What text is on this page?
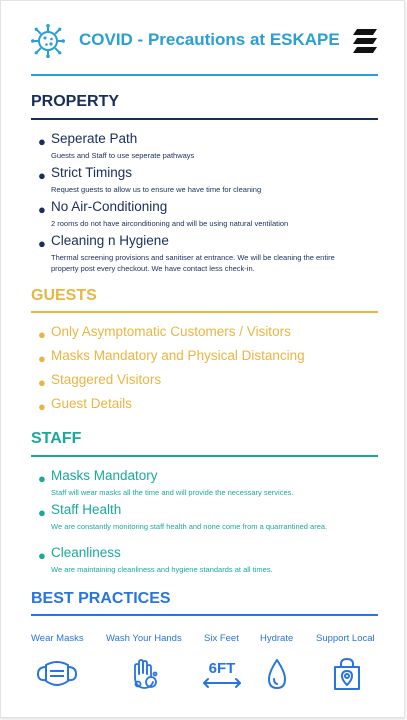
COVID - Precautions at ESKAPE
PROPERTY
● Seperate Path
Guests and Staff to use seperate pathways
● Strict Timings
Request guests to allow us to ensure we have time for cleaning
● No Air-Conditioning
2 rooms do not have airconditioning and will be using natural ventilation
● Cleaning n Hygiene
Thermal screening provisions and sanitiser at entrance. We will be cleaning the entire property post every checkout. We have contact less check-in.
GUESTS
● Only Asymptomatic Customers / Visitors
● Masks Mandatory and Physical Distancing
● Staggered Visitors
● Guest Details
STAFF
● Masks Mandatory
Staff will wear masks all the time and will provide the necessary services.
● Staff Health
We are constantly monitoring staff health and none come from a quarrantined area.
● Cleanliness
We are maintaining cleanliness and hygiene standards at all times.
BEST PRACTICES
Wear Masks Wash Your Hands Six Feet Hydrate Support Local
6FT
